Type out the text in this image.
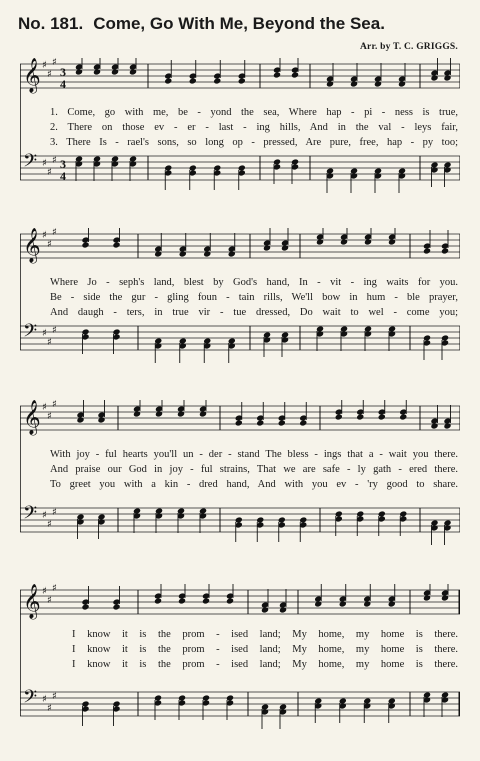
No. 181. Come, Go With Me, Beyond the Sea.
Arr. by T. C. GRIGGS.
𝄞 ♯
♯
♯
3
4
𝄢 ♯
♯
♯ 3
4
1. Come, go with me, be - yond the sea, Where hap - pi - ness is true,
2. There on those ev - er - last - ing hills, And in the val - leys fair,
3. There Is - rael's sons, so long op - pressed, Are pure, free, hap - py too;
𝄞 ♯
♯
♯
𝄢 ♯
♯
♯
Where Jo - seph's land, blest by God's hand, In - vit - ing waits for you.
Be - side the gur - gling foun - tain rills, We'll bow in hum - ble prayer,
And daugh - ters, in true vir - tue dressed, Do wait to wel - come you;
𝄞 ♯
♯
♯
𝄢 ♯
♯
♯
With joy - ful hearts you'll un - der - stand The bless - ings that a - wait you there.
And praise our God in joy - ful strains, That we are safe - ly gath - ered there.
To greet you with a kin - dred hand, And with you ev - 'ry good to share.
𝄞 ♯
♯
♯
𝄢 ♯
♯
♯
I know it is the prom - ised land; My home, my home is there.
I know it is the prom - ised land; My home, my home is there.
I know it is the prom - ised land; My home, my home is there.
